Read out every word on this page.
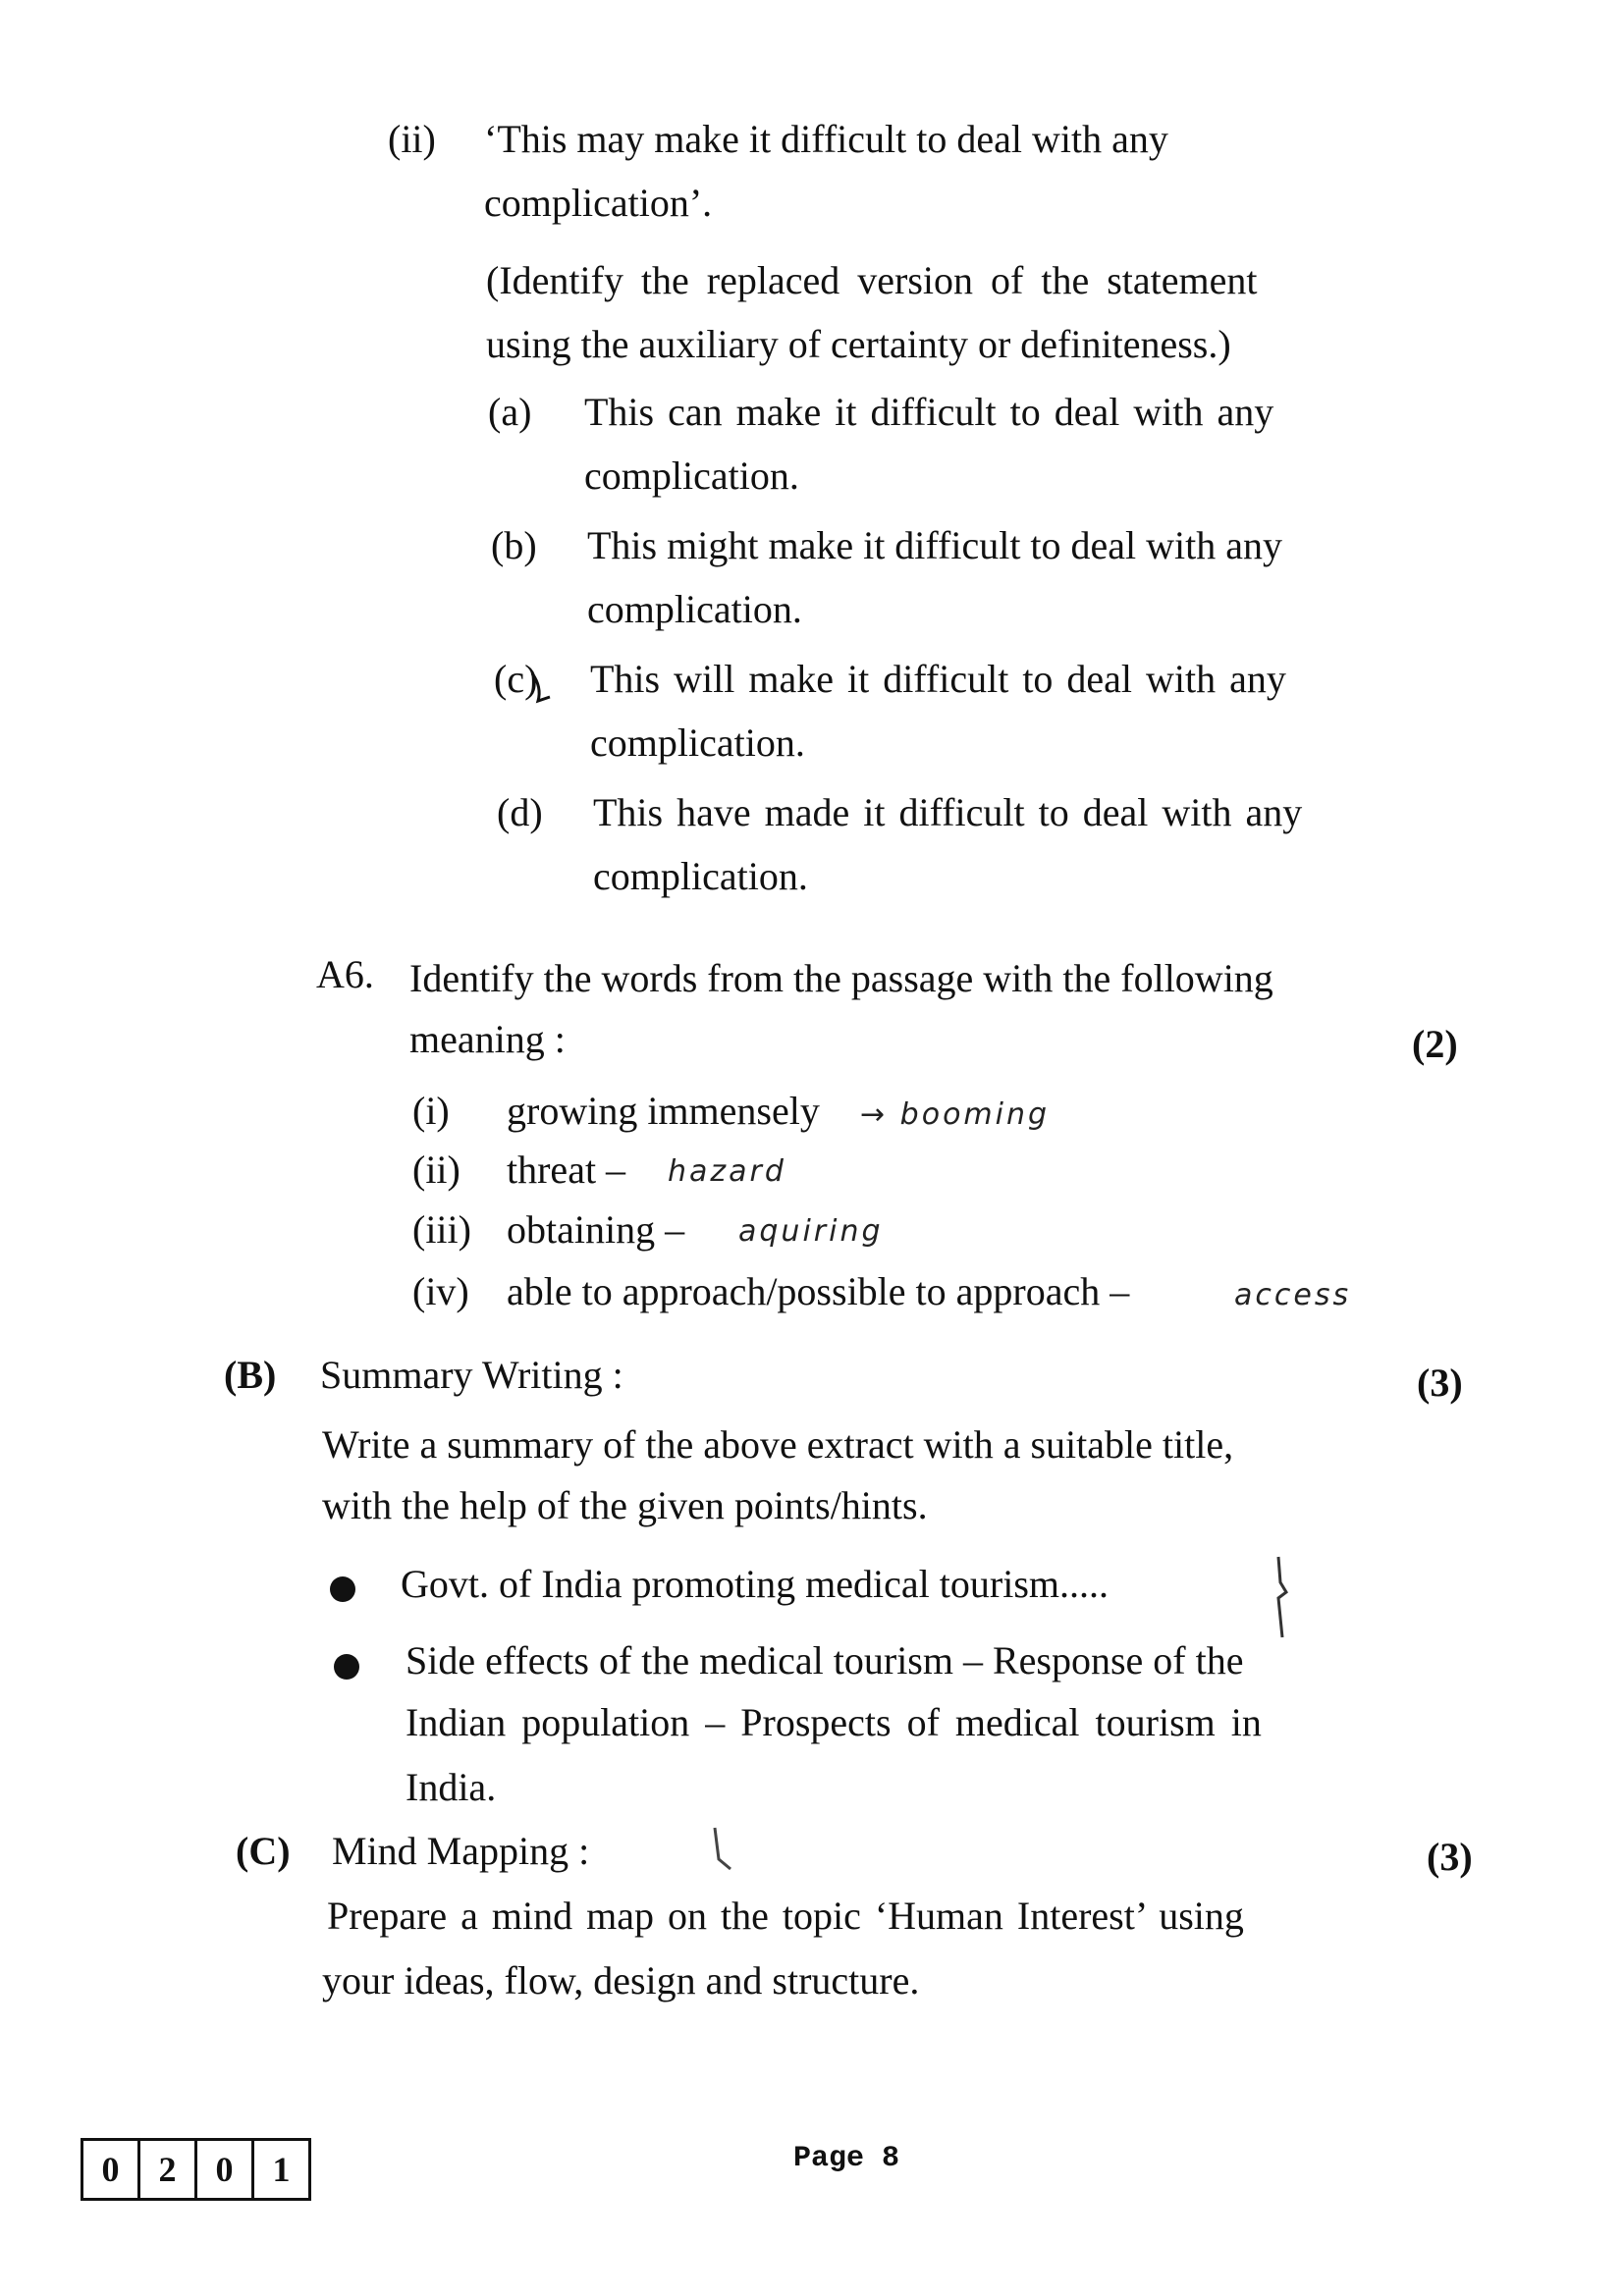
(ii) ‘This may make it difficult to deal with any
complication’.
(Identify the replaced version of the statement
using the auxiliary of certainty or definiteness.)
(a) This can make it difficult to deal with any
complication.
(b) This might make it difficult to deal with any
complication.
(c) This will make it difficult to deal with any
complication.
(d) This have made it difficult to deal with any
complication.
A6. Identify the words from the passage with the following
meaning :	(2)
(i) growing immensely → booming
(ii) threat – hazard
(iii) obtaining – aquiring
(iv) able to approach/possible to approach –	access
(B) Summary Writing :	(3)
Write a summary of the above extract with a suitable title,
with the help of the given points/hints.
Govt. of India promoting medical tourism.....
Side effects of the medical tourism – Response of the
Indian population – Prospects of medical tourism in
India.
(C) Mind Mapping :	(3)
Prepare a mind map on the topic ‘Human Interest’ using
your ideas, flow, design and structure.
0	2	0	1	Page 8
